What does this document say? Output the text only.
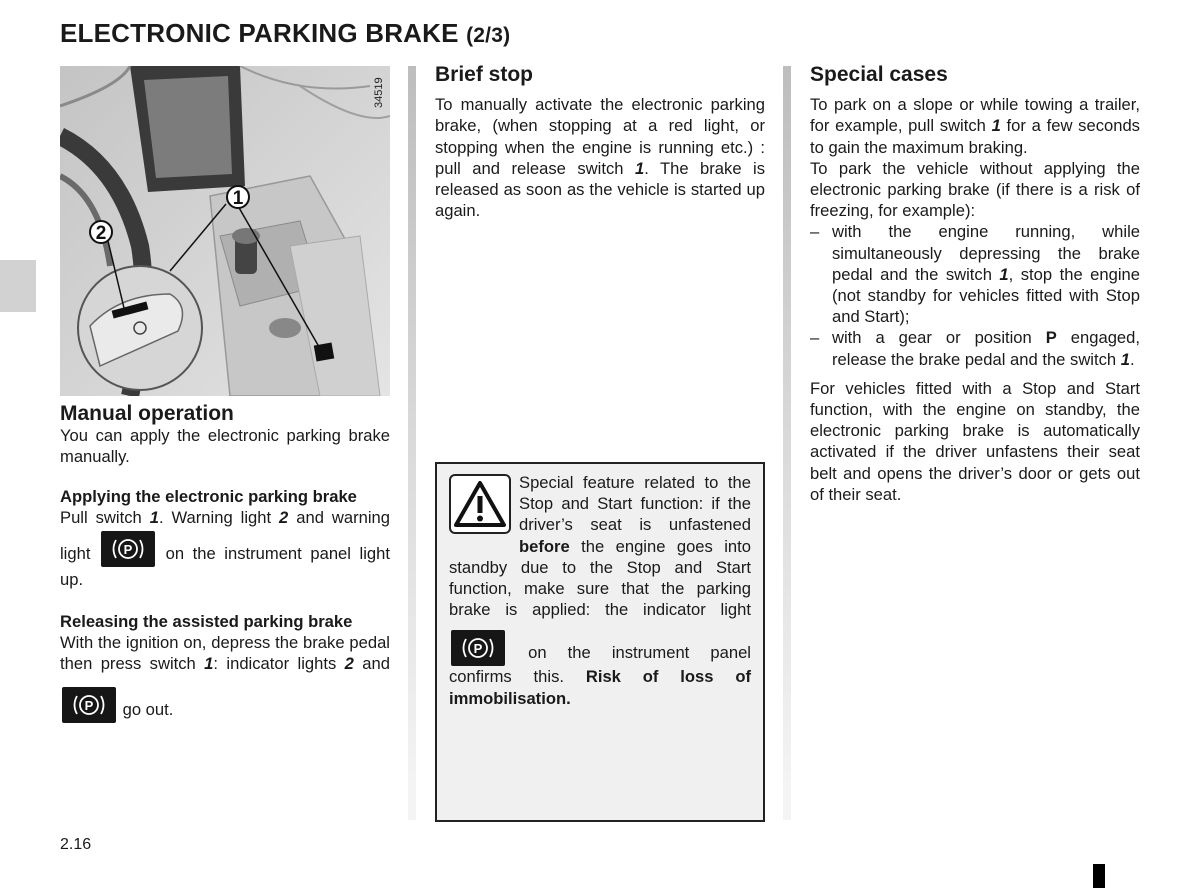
ELECTRONIC PARKING BRAKE (2/3)
1
2
34519
Manual operation

You can apply the electronic parking brake manually.

Applying the electronic parking brake

Pull switch 1. Warning light 2 and warning light P on the instrument panel light up.

Releasing the assisted parking brake

With the ignition on, depress the brake pedal then press switch 1: indicator lights 2 and
P go out.

Brief stop

To manually activate the electronic parking brake, (when stopping at a red light, or stopping when the engine is running etc.) : pull and release switch 1. The brake is released as soon as the vehicle is started up again.

Special feature related to the Stop and Start function: if the driver’s seat is unfastened before the engine goes into standby due to the Stop and Start function, make sure that the parking brake is applied: the indicator light
P on the instrument panel confirms this. Risk of loss of immobilisation.

Special cases

To park on a slope or while towing a trailer, for example, pull switch 1 for a few seconds to gain the maximum braking.

To park the vehicle without applying the electronic parking brake (if there is a risk of freezing, for example):

– with the engine running, while simultaneously depressing the brake pedal and the switch 1, stop the engine (not standby for vehicles fitted with Stop and Start);
– with a gear or position P engaged, release the brake pedal and the switch 1.

For vehicles fitted with a Stop and Start function, with the engine on standby, the electronic parking brake is automatically activated if the driver unfastens their seat belt and opens the driver’s door or gets out of their seat.

2.16
